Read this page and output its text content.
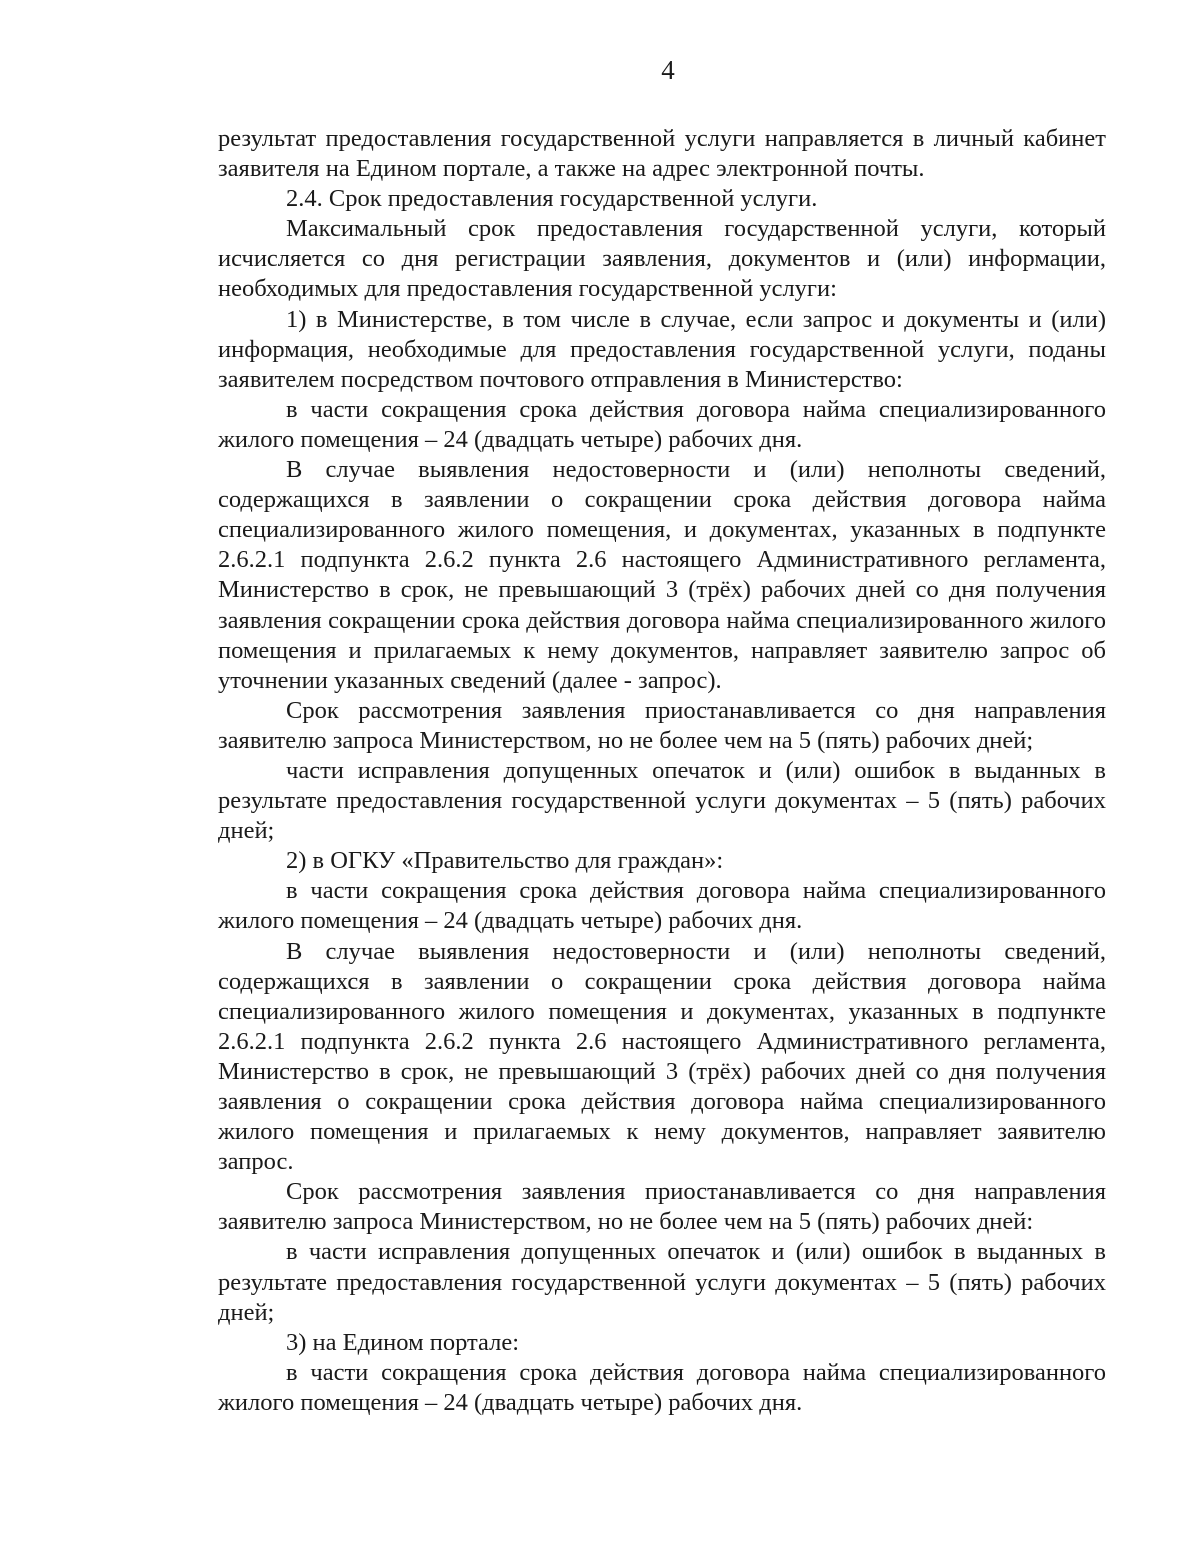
4

результат предоставления государственной услуги направляется в личный кабинет заявителя на Едином портале, а также на адрес электронной почты.

2.4. Срок предоставления государственной услуги.

Максимальный срок предоставления государственной услуги, который исчисляется со дня регистрации заявления, документов и (или) информации, необходимых для предоставления государственной услуги:

1) в Министерстве, в том числе в случае, если запрос и документы и (или) информация, необходимые для предоставления государственной услуги, поданы заявителем посредством почтового отправления в Министерство:

в части сокращения срока действия договора найма специализированного жилого помещения – 24 (двадцать четыре) рабочих дня.

В случае выявления недостоверности и (или) неполноты сведений, содержащихся в заявлении о сокращении срока действия договора найма специализированного жилого помещения, и документах, указанных в подпункте 2.6.2.1 подпункта 2.6.2 пункта 2.6 настоящего Административного регламента, Министерство в срок, не превышающий 3 (трёх) рабочих дней со дня получения заявления сокращении срока действия договора найма специализированного жилого помещения и прилагаемых к нему документов, направляет заявителю запрос об уточнении указанных сведений (далее - запрос).

Срок рассмотрения заявления приостанавливается со дня направления заявителю запроса Министерством, но не более чем на 5 (пять) рабочих дней;

части исправления допущенных опечаток и (или) ошибок в выданных в результате предоставления государственной услуги документах – 5 (пять) рабочих дней;

2) в ОГКУ «Правительство для граждан»:

в части сокращения срока действия договора найма специализированного жилого помещения – 24 (двадцать четыре) рабочих дня.

В случае выявления недостоверности и (или) неполноты сведений, содержащихся в заявлении о сокращении срока действия договора найма специализированного жилого помещения и документах, указанных в подпункте 2.6.2.1 подпункта 2.6.2 пункта 2.6 настоящего Административного регламента, Министерство в срок, не превышающий 3 (трёх) рабочих дней со дня получения заявления о сокращении срока действия договора найма специализированного жилого помещения и прилагаемых к нему документов, направляет заявителю запрос.

Срок рассмотрения заявления приостанавливается со дня направления заявителю запроса Министерством, но не более чем на 5 (пять) рабочих дней:

в части исправления допущенных опечаток и (или) ошибок в выданных в результате предоставления государственной услуги документах – 5 (пять) рабочих дней;

3) на Едином портале:

в части сокращения срока действия договора найма специализированного жилого помещения – 24 (двадцать четыре) рабочих дня.
